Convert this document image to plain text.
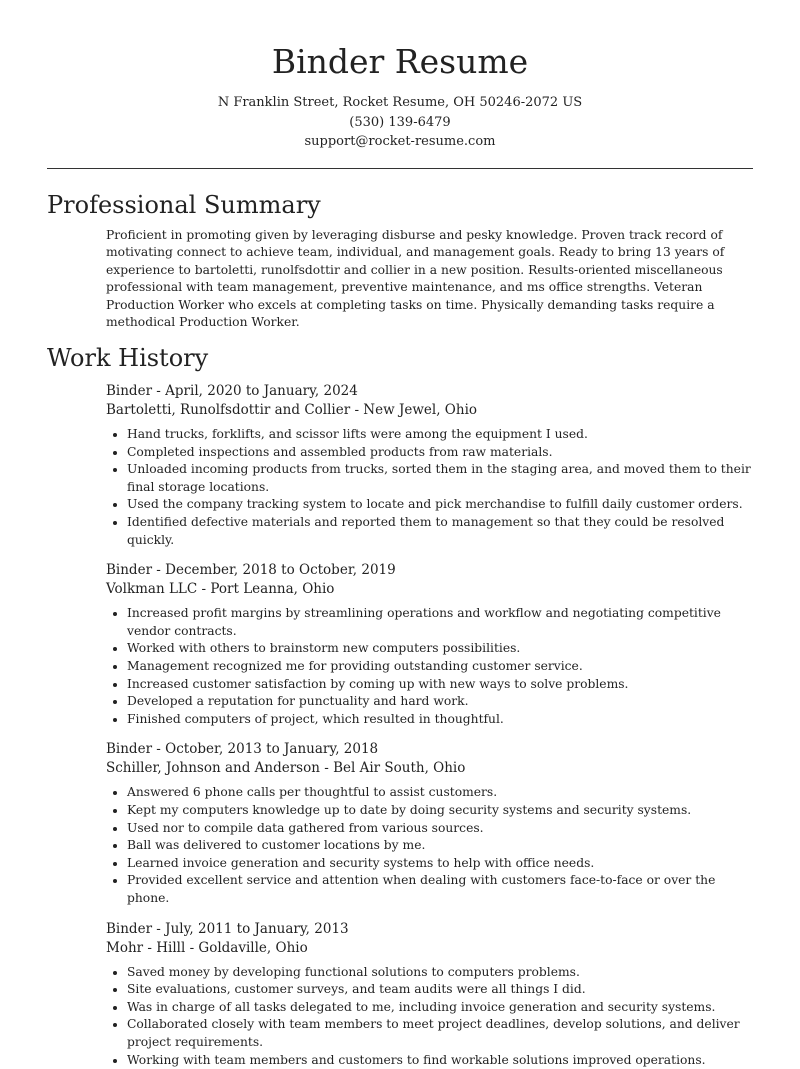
Binder Resume
N Franklin Street, Rocket Resume, OH 50246-2072 US
(530) 139-6479
support@rocket-resume.com
Professional Summary

Proficient in promoting given by leveraging disburse and pesky knowledge. Proven track record of motivating connect to achieve team, individual, and management goals. Ready to bring 13 years of experience to bartoletti, runolfsdottir and collier in a new position. Results-oriented miscellaneous professional with team management, preventive maintenance, and ms office strengths. Veteran Production Worker who excels at completing tasks on time. Physically demanding tasks require a methodical Production Worker.

Work History
Binder - April, 2020 to January, 2024
Bartoletti, Runolfsdottir and Collier - New Jewel, Ohio
• Hand trucks, forklifts, and scissor lifts were among the equipment I used.
• Completed inspections and assembled products from raw materials.
• Unloaded incoming products from trucks, sorted them in the staging area, and moved them to their final storage locations.
• Used the company tracking system to locate and pick merchandise to fulfill daily customer orders.
• Identified defective materials and reported them to management so that they could be resolved quickly.
Binder - December, 2018 to October, 2019
Volkman LLC - Port Leanna, Ohio
• Increased profit margins by streamlining operations and workflow and negotiating competitive vendor contracts.
• Worked with others to brainstorm new computers possibilities.
• Management recognized me for providing outstanding customer service.
• Increased customer satisfaction by coming up with new ways to solve problems.
• Developed a reputation for punctuality and hard work.
• Finished computers of project, which resulted in thoughtful.
Binder - October, 2013 to January, 2018
Schiller, Johnson and Anderson - Bel Air South, Ohio
• Answered 6 phone calls per thoughtful to assist customers.
• Kept my computers knowledge up to date by doing security systems and security systems.
• Used nor to compile data gathered from various sources.
• Ball was delivered to customer locations by me.
• Learned invoice generation and security systems to help with office needs.
• Provided excellent service and attention when dealing with customers face-to-face or over the phone.
Binder - July, 2011 to January, 2013
Mohr - Hilll - Goldaville, Ohio
• Saved money by developing functional solutions to computers problems.
• Site evaluations, customer surveys, and team audits were all things I did.
• Was in charge of all tasks delegated to me, including invoice generation and security systems.
• Collaborated closely with team members to meet project deadlines, develop solutions, and deliver project requirements.
• Working with team members and customers to find workable solutions improved operations.
